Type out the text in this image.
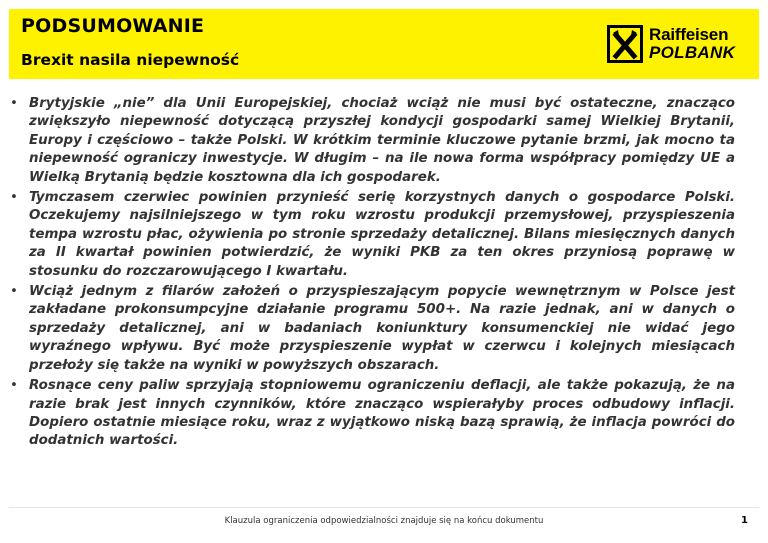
PODSUMOWANIE
Brexit nasila niepewność
Raiffeisen
POLBANK
• Brytyjskie „nie” dla Unii Europejskiej, chociaż wciąż nie musi być ostateczne, znacząco zwiększyło niepewność dotyczącą przyszłej kondycji gospodarki samej Wielkiej Brytanii, Europy i częściowo – także Polski. W krótkim terminie kluczowe pytanie brzmi, jak mocno ta niepewność ograniczy inwestycje. W długim – na ile nowa forma współpracy pomiędzy UE a Wielką Brytanią będzie kosztowna dla ich gospodarek.
• Tymczasem czerwiec powinien przynieść serię korzystnych danych o gospodarce Polski. Oczekujemy najsilniejszego w tym roku wzrostu produkcji przemysłowej, przyspieszenia tempa wzrostu płac, ożywienia po stronie sprzedaży detalicznej. Bilans miesięcznych danych za II kwartał powinien potwierdzić, że wyniki PKB za ten okres przyniosą poprawę w stosunku do rozczarowującego I kwartału.
• Wciąż jednym z filarów założeń o przyspieszającym popycie wewnętrznym w Polsce jest zakładane prokonsumpcyjne działanie programu 500+. Na razie jednak, ani w danych o sprzedaży detalicznej, ani w badaniach koniunktury konsumenckiej nie widać jego wyraźnego wpływu. Być może przyspieszenie wypłat w czerwcu i kolejnych miesiącach przełoży się także na wyniki w powyższych obszarach.
• Rosnące ceny paliw sprzyjają stopniowemu ograniczeniu deflacji, ale także pokazują, że na razie brak jest innych czynników, które znacząco wspierałyby proces odbudowy inflacji. Dopiero ostatnie miesiące roku, wraz z wyjątkowo niską bazą sprawią, że inflacja powróci do dodatnich wartości.
Klauzula ograniczenia odpowiedzialności znajduje się na końcu dokumentu	1
